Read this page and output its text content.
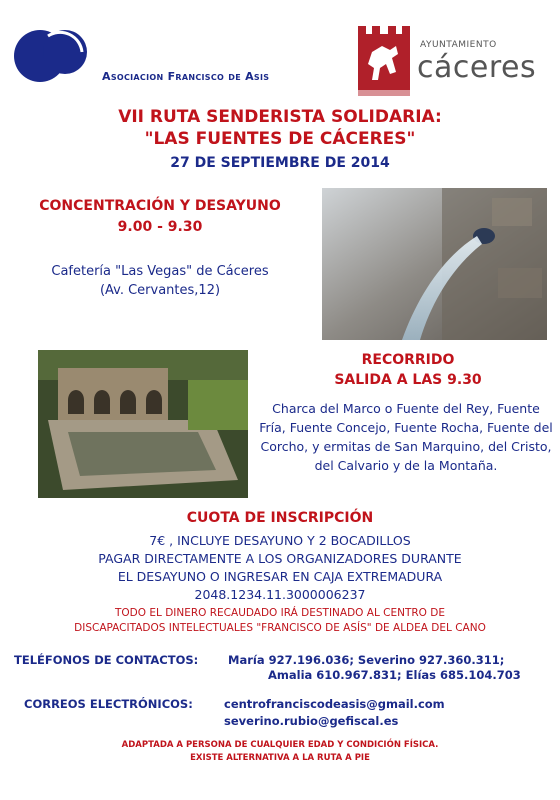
Asociacion Francisco de Asis
AYUNTAMIENTO
cáceres
VII RUTA SENDERISTA SOLIDARIA:
"LAS FUENTES DE CÁCERES"
27 DE SEPTIEMBRE DE 2014
CONCENTRACIÓN Y DESAYUNO
9.00 - 9.30
Cafetería "Las Vegas" de Cáceres
(Av. Cervantes,12)
RECORRIDO
SALIDA A LAS 9.30
Charca del Marco o Fuente del Rey, Fuente Fría, Fuente Concejo, Fuente Rocha, Fuente del Corcho, y ermitas de San Marquino, del Cristo, del Calvario y de la Montaña.
CUOTA DE INSCRIPCIÓN
7€ , INCLUYE DESAYUNO Y 2 BOCADILLOS
PAGAR DIRECTAMENTE A LOS ORGANIZADORES DURANTE
EL DESAYUNO O INGRESAR EN CAJA EXTREMADURA
2048.1234.11.3000006237
TODO EL DINERO RECAUDADO IRÁ DESTINADO AL CENTRO DE
DISCAPACITADOS INTELECTUALES "FRANCISCO DE ASÍS" DE ALDEA DEL CANO
TELÉFONOS DE CONTACTOS:	María 927.196.036; Severino 927.360.311;
Amalia 610.967.831; Elías 685.104.703
CORREOS ELECTRÓNICOS:	centrofranciscodeasis@gmail.com
severino.rubio@gefiscal.es
ADAPTADA A PERSONA DE CUALQUIER EDAD Y CONDICIÓN FÍSICA.
EXISTE ALTERNATIVA A LA RUTA A PIE
